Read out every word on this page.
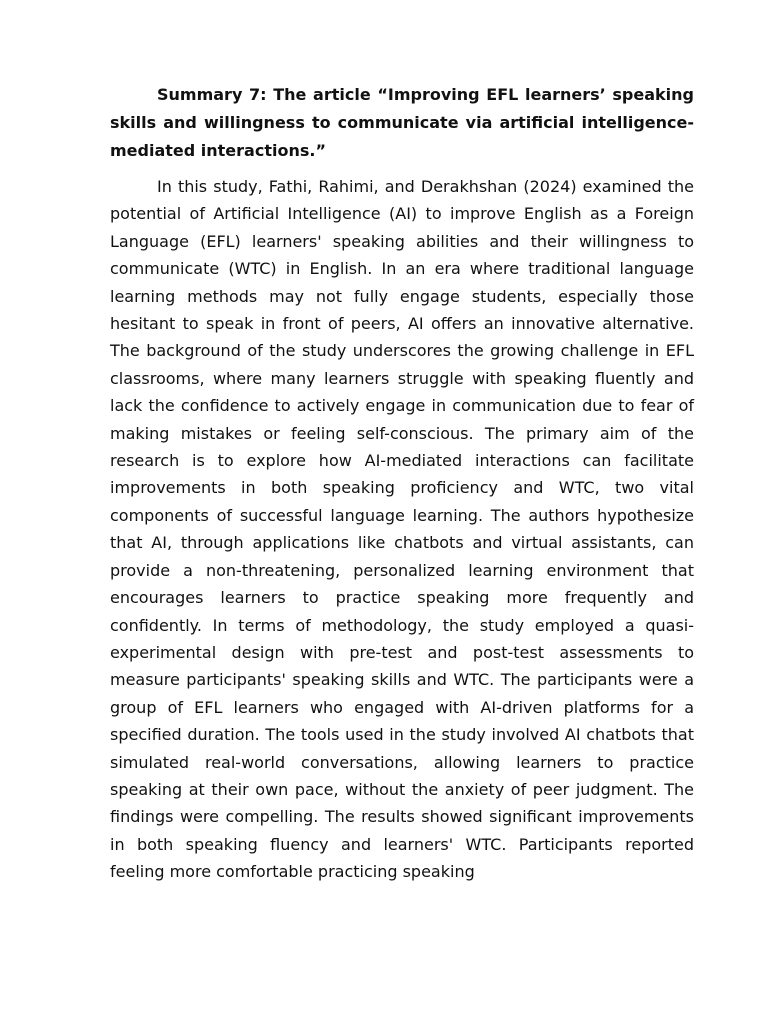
Summary 7: The article “Improving EFL learners’ speaking skills and willingness to communicate via artificial intelligence-mediated interactions.”

In this study, Fathi, Rahimi, and Derakhshan (2024) examined the potential of Artificial Intelligence (AI) to improve English as a Foreign Language (EFL) learners' speaking abilities and their willingness to communicate (WTC) in English. In an era where traditional language learning methods may not fully engage students, especially those hesitant to speak in front of peers, AI offers an innovative alternative. The background of the study underscores the growing challenge in EFL classrooms, where many learners struggle with speaking fluently and lack the confidence to actively engage in communication due to fear of making mistakes or feeling self-conscious. The primary aim of the research is to explore how AI-mediated interactions can facilitate improvements in both speaking proficiency and WTC, two vital components of successful language learning. The authors hypothesize that AI, through applications like chatbots and virtual assistants, can provide a non-threatening, personalized learning environment that encourages learners to practice speaking more frequently and confidently. In terms of methodology, the study employed a quasi-experimental design with pre-test and post-test assessments to measure participants' speaking skills and WTC. The participants were a group of EFL learners who engaged with AI-driven platforms for a specified duration. The tools used in the study involved AI chatbots that simulated real-world conversations, allowing learners to practice speaking at their own pace, without the anxiety of peer judgment. The findings were compelling. The results showed significant improvements in both speaking fluency and learners' WTC. Participants reported feeling more comfortable practicing speaking
